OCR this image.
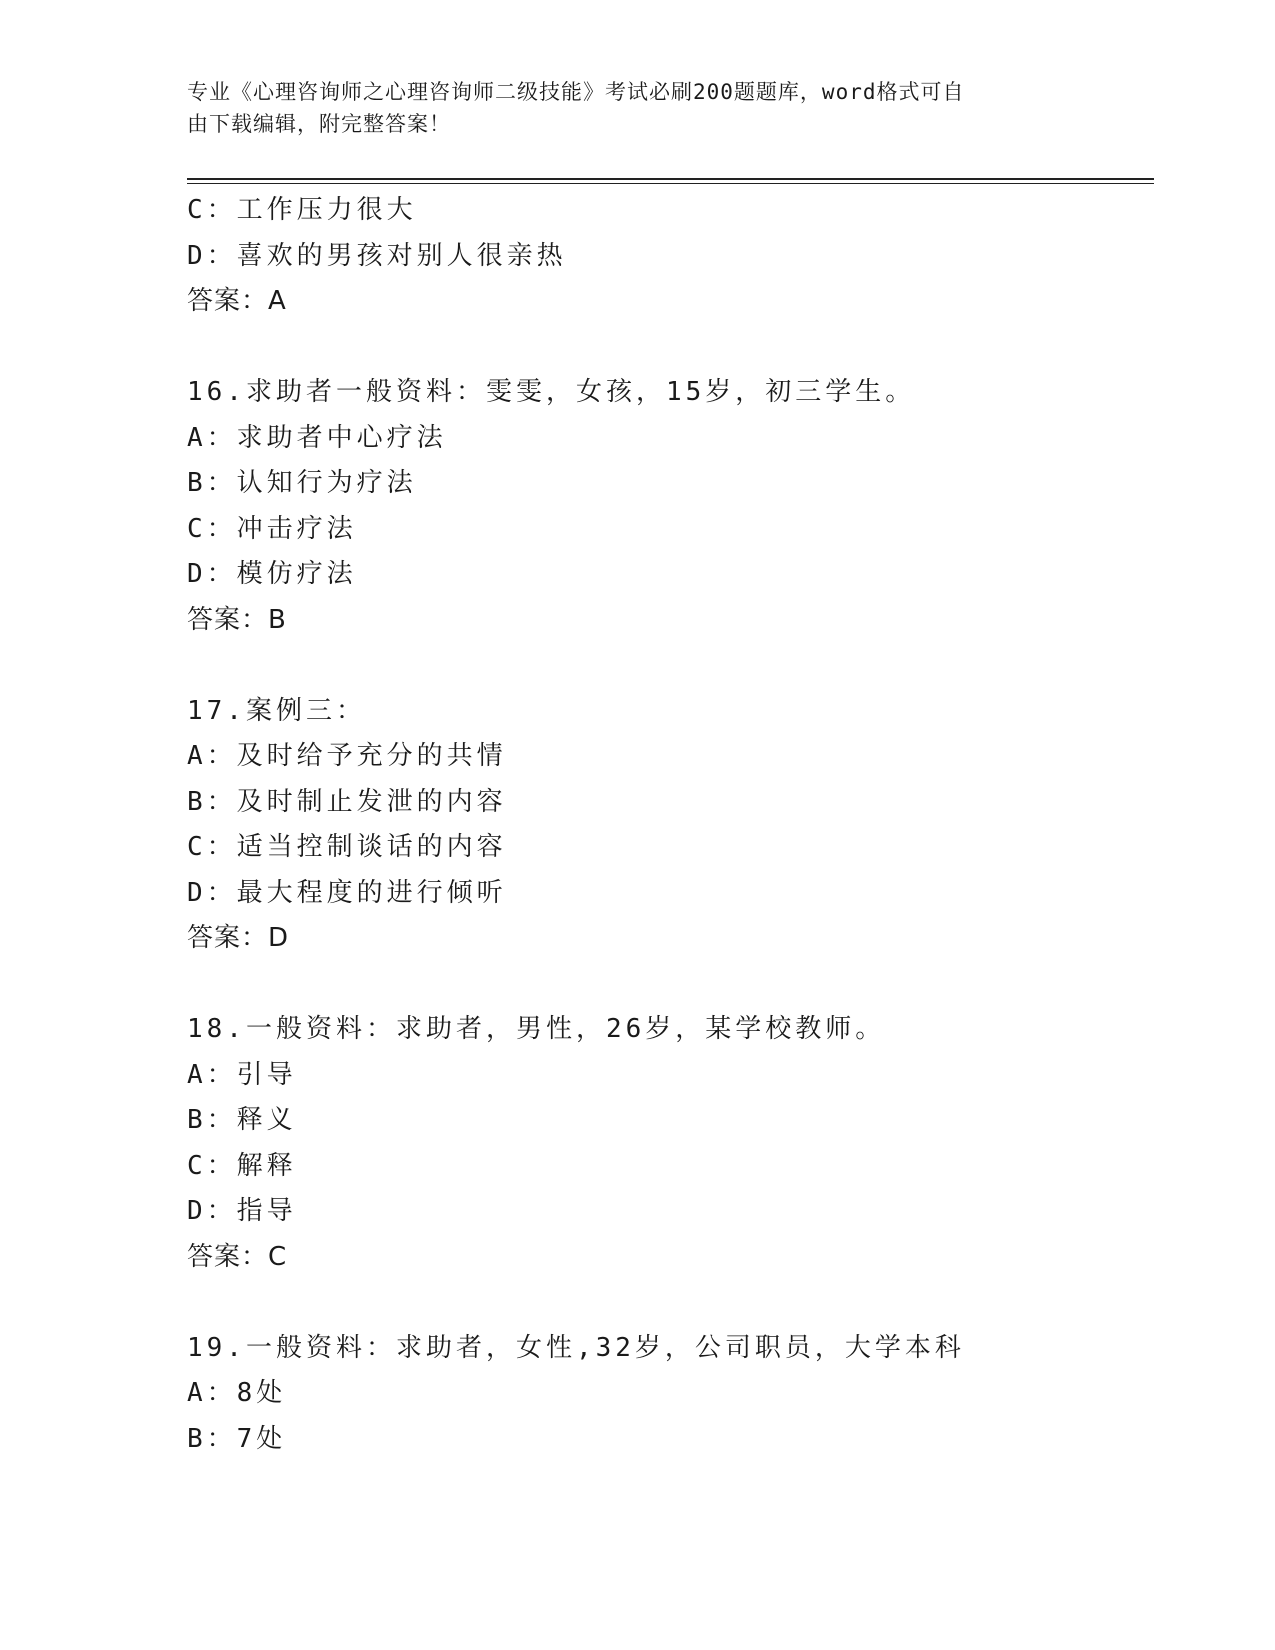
专业《心理咨询师之心理咨询师二级技能》考试必刷200题题库，word格式可自
由下载编辑，附完整答案！
C：工作压力很大
D：喜欢的男孩对别人很亲热
答案：A
16.求助者一般资料：雯雯，女孩，15岁，初三学生。
A：求助者中心疗法
B：认知行为疗法
C：冲击疗法
D：模仿疗法
答案：B
17.案例三：
A：及时给予充分的共情
B：及时制止发泄的内容
C：适当控制谈话的内容
D：最大程度的进行倾听
答案：D
18.一般资料：求助者，男性，26岁，某学校教师。
A：引导
B：释义
C：解释
D：指导
答案：C
19.一般资料：求助者，女性,32岁，公司职员，大学本科
A：8处
B：7处
